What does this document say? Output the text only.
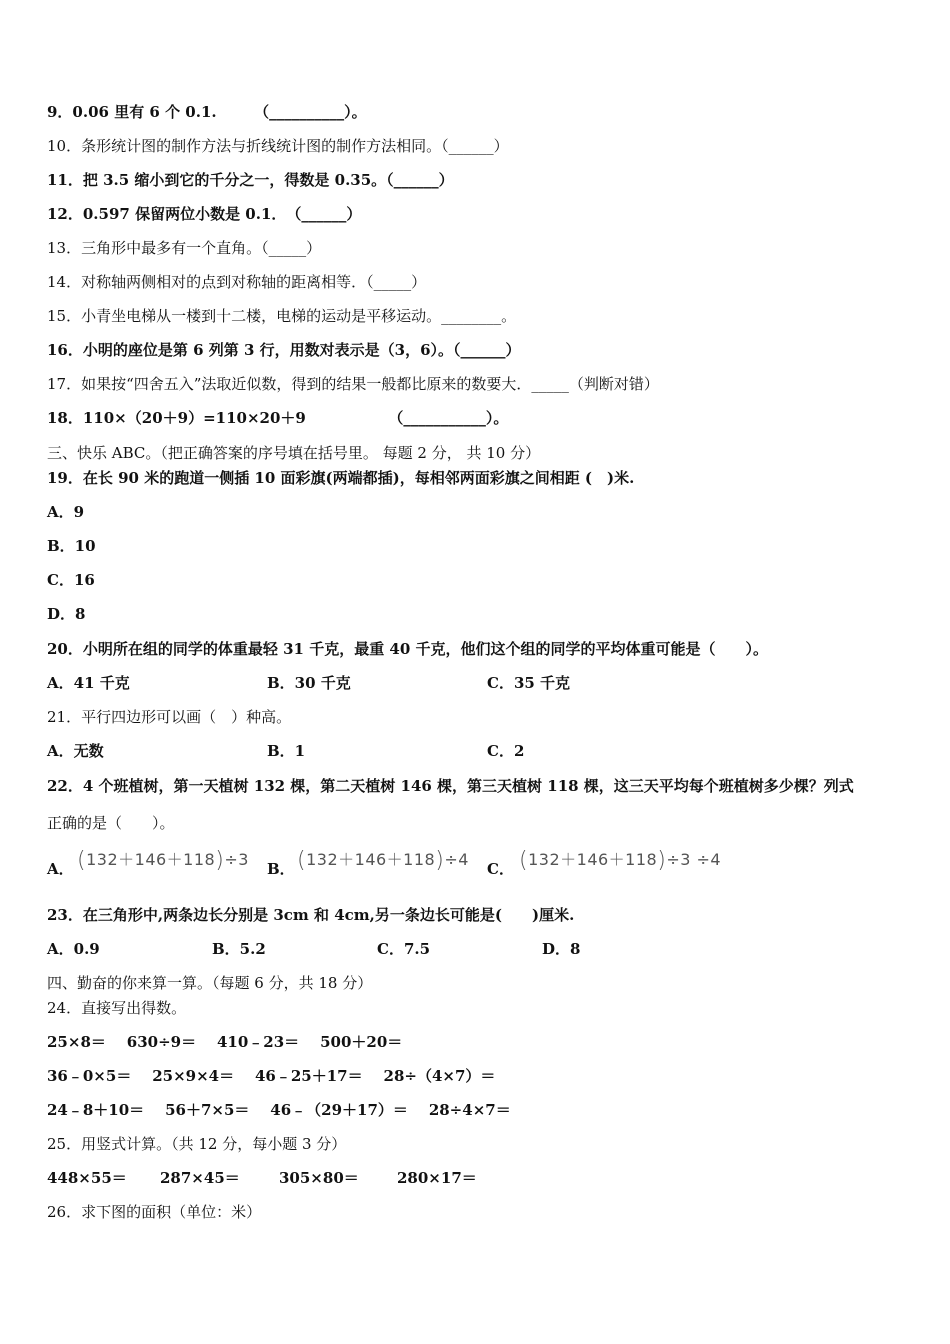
9．0.06 里有 6 个 0.1.　　　（__________）。
10．条形统计图的制作方法与折线统计图的制作方法相同。（______）
11．把 3.5 缩小到它的千分之一，得数是 0.35。（______）
12．0.597 保留两位小数是 0.1．　（______）
13．三角形中最多有一个直角。（_____）
14．对称轴两侧相对的点到对称轴的距离相等．（_____）
15．小青坐电梯从一楼到十二楼，电梯的运动是平移运动。________。
16．小明的座位是第 6 列第 3 行，用数对表示是（3，6）。（______）
17．如果按“四舍五入”法取近似数，得到的结果一般都比原来的数要大．_____（判断对错）
18．110×（20＋9）=110×20＋9　　　　　　（___________）。
三、快乐 ABC。（把正确答案的序号填在括号里。 每题 2 分， 共 10 分）
19．在长 90 米的跑道一侧插 10 面彩旗(两端都插)，每相邻两面彩旗之间相距 (　)米.
A．9
B．10
C．16
D．8
20．小明所在组的同学的体重最轻 31 千克，最重 40 千克，他们这个组的同学的平均体重可能是（　　）。
A．41 千克	B．30 千克	C．35 千克
21．平行四边形可以画（　）种高。
A．无数	B．1	C．2
22．4 个班植树，第一天植树 132 棵，第二天植树 146 棵，第三天植树 118 棵，这三天平均每个班植树多少棵？列式
正确的是（　　）。
A． (132＋146＋118)÷3 B． (132＋146＋118)÷4 C． (132＋146＋118)÷3 ÷4
23．在三角形中,两条边长分别是 3cm 和 4cm,另一条边长可能是(　　)厘米.
A．0.9	B．5.2	C．7.5	D．8
四、勤奋的你来算一算。（每题 6 分，共 18 分）
24．直接写出得数。
25×8＝ 630÷9＝ 410﹣23＝ 500＋20＝
36﹣0×5＝ 25×9×4＝ 46﹣25＋17＝ 28÷（4×7）＝
24﹣8＋10＝ 56＋7×5＝ 46﹣（29＋17）＝ 28÷4×7＝
25．用竖式计算。（共 12 分，每小题 3 分）
448×55＝ 287×45＝	305×80＝	280×17＝
26．求下图的面积（单位：米）
